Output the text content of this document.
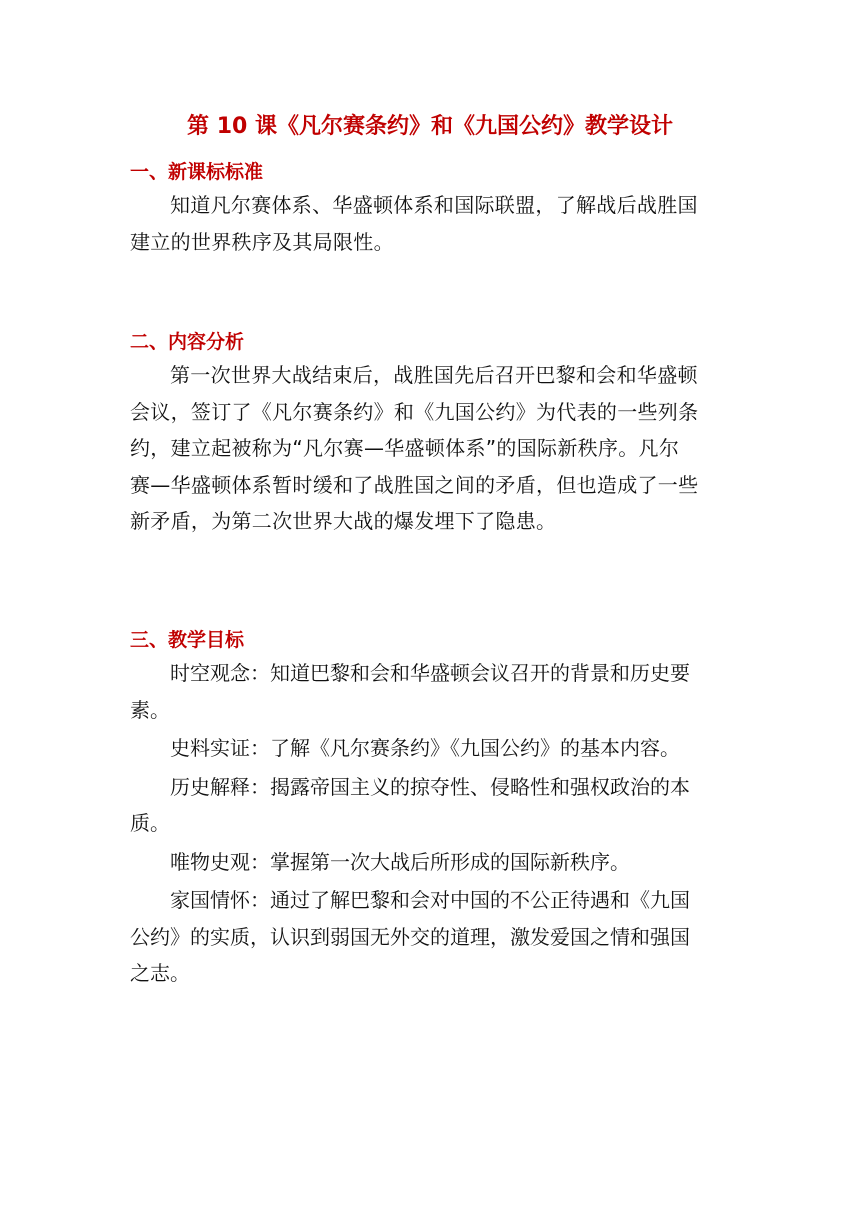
第 10 课《凡尔赛条约》和《九国公约》教学设计
一、新课标标准

知道凡尔赛体系、华盛顿体系和国际联盟，了解战后战胜国
建立的世界秩序及其局限性。

二、内容分析

第一次世界大战结束后，战胜国先后召开巴黎和会和华盛顿
会议，签订了《凡尔赛条约》和《九国公约》为代表的一些列条
约，建立起被称为“凡尔赛—华盛顿体系”的国际新秩序。凡尔
赛—华盛顿体系暂时缓和了战胜国之间的矛盾，但也造成了一些
新矛盾，为第二次世界大战的爆发埋下了隐患。

三、教学目标

时空观念：知道巴黎和会和华盛顿会议召开的背景和历史要
素。

史料实证：了解《凡尔赛条约》《九国公约》的基本内容。

历史解释：揭露帝国主义的掠夺性、侵略性和强权政治的本
质。

唯物史观：掌握第一次大战后所形成的国际新秩序。

家国情怀：通过了解巴黎和会对中国的不公正待遇和《九国
公约》的实质，认识到弱国无外交的道理，激发爱国之情和强国
之志。
